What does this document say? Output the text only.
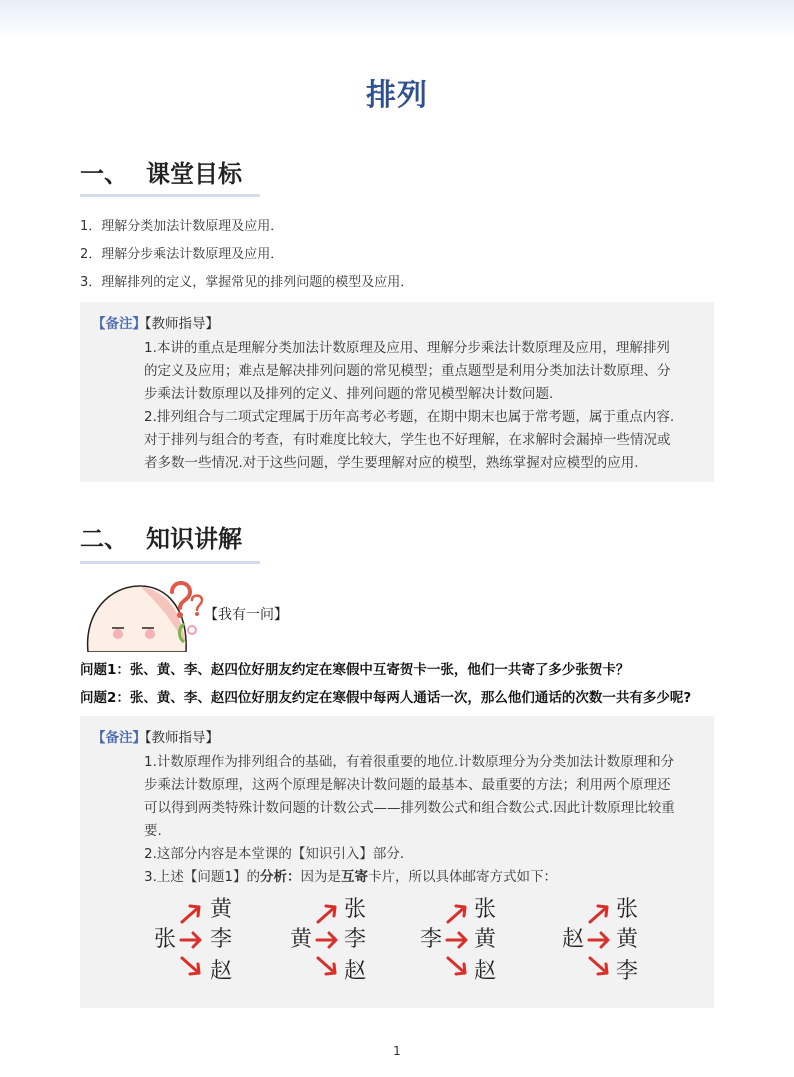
排列
一、 课堂目标
1．理解分类加法计数原理及应用．
2．理解分步乘法计数原理及应用．
3．理解排列的定义，掌握常见的排列问题的模型及应用．
【备注】
【教师指导】
1.本讲的重点是理解分类加法计数原理及应用、理解分步乘法计数原理及应用，理解排列
的定义及应用；难点是解决排列问题的常见模型；重点题型是利用分类加法计数原理、分
步乘法计数原理以及排列的定义、排列问题的常见模型解决计数问题.
2.排列组合与二项式定理属于历年高考必考题，在期中期末也属于常考题，属于重点内容.
对于排列与组合的考查，有时难度比较大，学生也不好理解，在求解时会漏掉一些情况或
者多数一些情况.对于这些问题，学生要理解对应的模型，熟练掌握对应模型的应用.
二、 知识讲解
【我有一问】
问题1：张、黄、李、赵四位好朋友约定在寒假中互寄贺卡一张，他们一共寄了多少张贺卡？
问题2：张、黄、李、赵四位好朋友约定在寒假中每两人通话一次，那么他们通话的次数一共有多少呢?
【备注】
【教师指导】
1.计数原理作为排列组合的基础，有着很重要的地位.计数原理分为分类加法计数原理和分
步乘法计数原理，这两个原理是解决计数问题的最基本、最重要的方法；利用两个原理还
可以得到两类特殊计数问题的计数公式——排列数公式和组合数公式.因此计数原理比较重
要.
2.这部分内容是本堂课的【知识引入】部分.
3.上述【问题1】的分析：因为是互寄卡片，所以具体邮寄方式如下：
张
黄
李
赵
黄
张
李
赵
李
张
黄
赵
赵
张
黄
李
1
